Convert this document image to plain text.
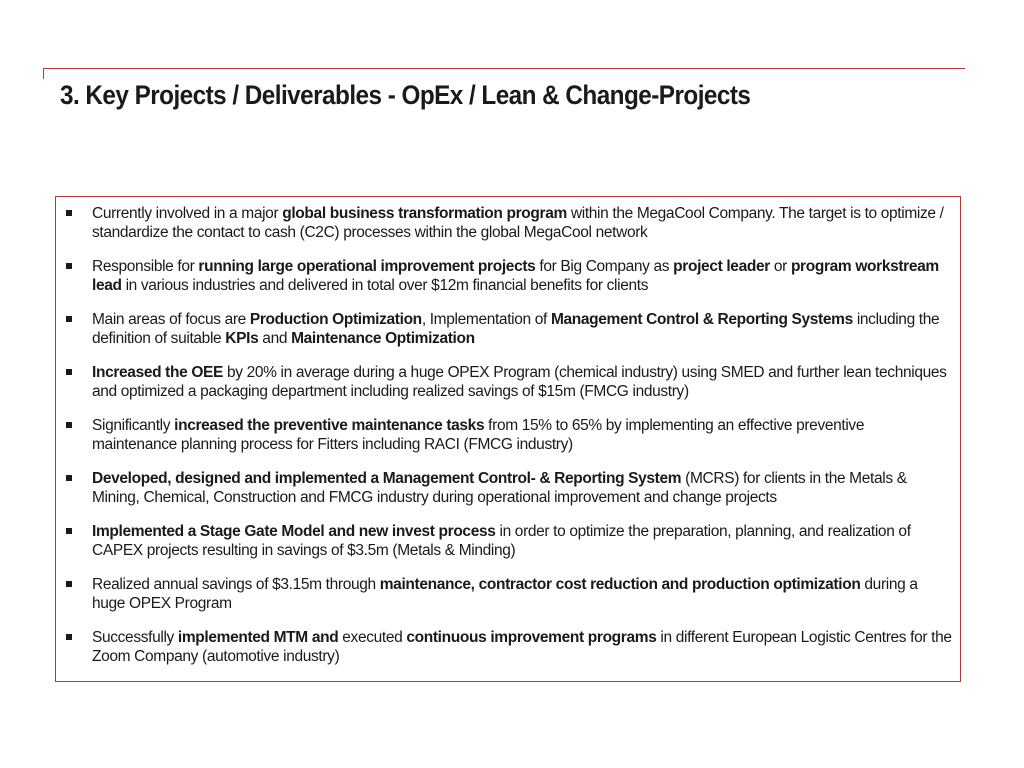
3. Key Projects / Deliverables - OpEx / Lean & Change-Projects
Currently involved in a major global business transformation program within the MegaCool Company. The target is to optimize / standardize the contact to cash (C2C) processes within the global MegaCool network
Responsible for running large operational improvement projects for Big Company as project leader or program workstream lead in various industries and delivered in total over $12m financial benefits for clients
Main areas of focus are Production Optimization, Implementation of Management Control & Reporting Systems including the definition of suitable KPIs and Maintenance Optimization
Increased the OEE by 20% in average during a huge OPEX Program (chemical industry) using SMED and further lean techniques and optimized a packaging department including realized savings of $15m (FMCG industry)
Significantly increased the preventive maintenance tasks from 15% to 65% by implementing an effective preventive maintenance planning process for Fitters including RACI (FMCG industry)
Developed, designed and implemented a Management Control- & Reporting System (MCRS) for clients in the Metals & Mining, Chemical, Construction and FMCG industry during operational improvement and change projects
Implemented a Stage Gate Model and new invest process in order to optimize the preparation, planning, and realization of CAPEX projects resulting in savings of $3.5m (Metals & Minding)
Realized annual savings of $3.15m through maintenance, contractor cost reduction and production optimization during a huge OPEX Program
Successfully implemented MTM and executed continuous improvement programs in different European Logistic Centres for the Zoom Company (automotive industry)
